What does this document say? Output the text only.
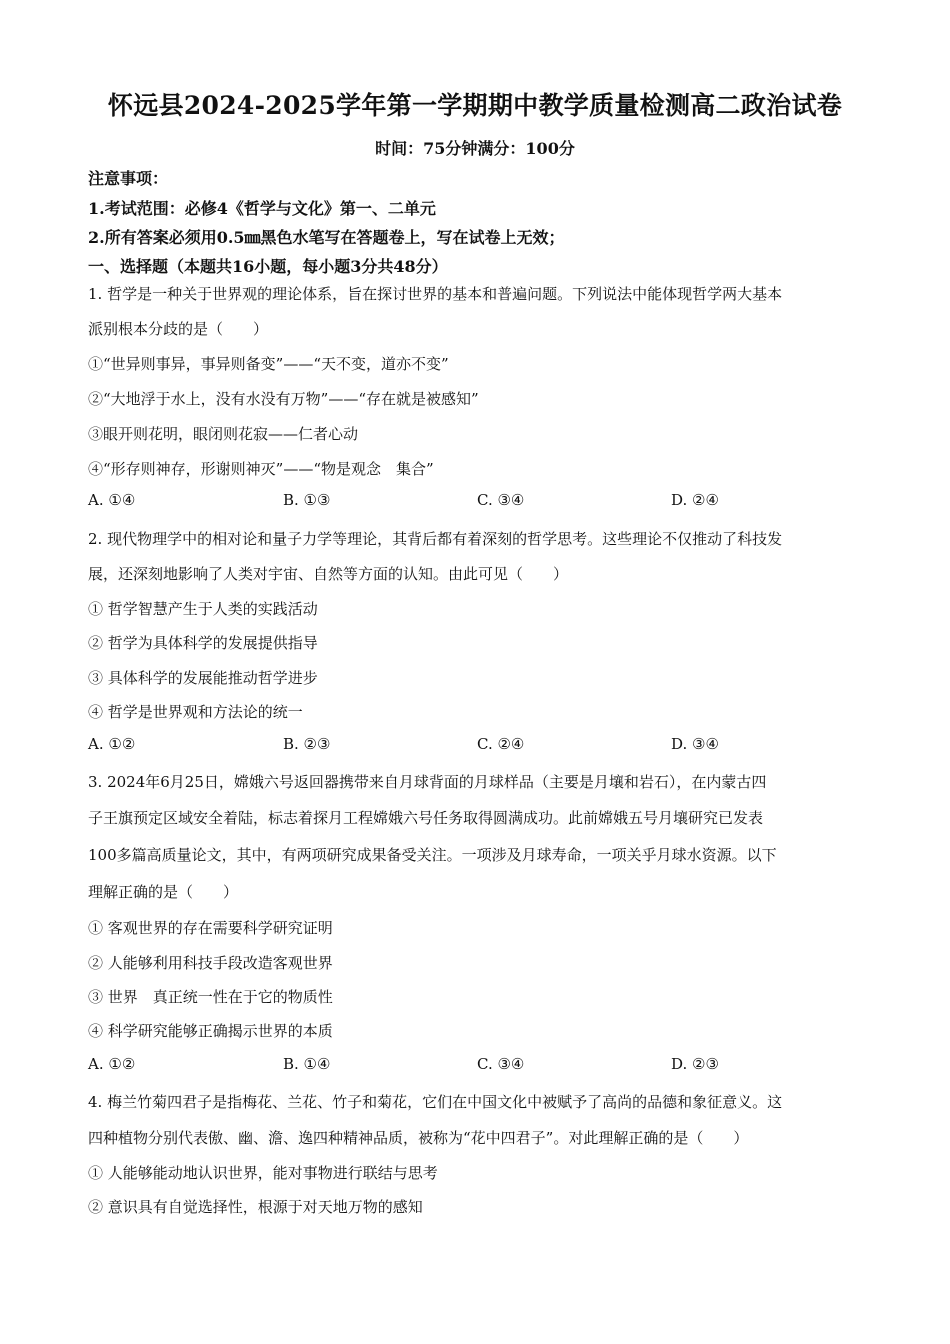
怀远县2024-2025学年第一学期期中教学质量检测高二政治试卷
时间：75分钟满分：100分
注意事项：
1.考试范围：必修4《哲学与文化》第一、二单元
2.所有答案必须用0.5㎜黑色水笔写在答题卷上，写在试卷上无效；
一、选择题（本题共16小题，每小题3分共48分）
1. 哲学是一种关于世界观的理论体系，旨在探讨世界的基本和普遍问题。下列说法中能体现哲学两大基本
派别根本分歧的是（　　）
①“世异则事异，事异则备变”——“天不变，道亦不变”
②“大地浮于水上，没有水没有万物”——“存在就是被感知”
③眼开则花明，眼闭则花寂——仁者心动
④“形存则神存，形谢则神灭”——“物是观念　集合”
A. ①④	B. ①③	C. ③④	D. ②④
2. 现代物理学中的相对论和量子力学等理论，其背后都有着深刻的哲学思考。这些理论不仅推动了科技发
展，还深刻地影响了人类对宇宙、自然等方面的认知。由此可见（　　）
① 哲学智慧产生于人类的实践活动
② 哲学为具体科学的发展提供指导
③ 具体科学的发展能推动哲学进步
④ 哲学是世界观和方法论的统一
A. ①②	B. ②③	C. ②④	D. ③④
3. 2024年6月25日，嫦娥六号返回器携带来自月球背面的月球样品（主要是月壤和岩石），在内蒙古四
子王旗预定区域安全着陆，标志着探月工程嫦娥六号任务取得圆满成功。此前嫦娥五号月壤研究已发表
100多篇高质量论文，其中，有两项研究成果备受关注。一项涉及月球寿命，一项关乎月球水资源。以下
理解正确的是（　　）
① 客观世界的存在需要科学研究证明
② 人能够利用科技手段改造客观世界
③ 世界　真正统一性在于它的物质性
④ 科学研究能够正确揭示世界的本质
A. ①②	B. ①④	C. ③④	D. ②③
4. 梅兰竹菊四君子是指梅花、兰花、竹子和菊花，它们在中国文化中被赋予了高尚的品德和象征意义。这
四种植物分别代表傲、幽、澹、逸四种精神品质，被称为“花中四君子”。对此理解正确的是（　　）
① 人能够能动地认识世界，能对事物进行联结与思考
② 意识具有自觉选择性，根源于对天地万物的感知
